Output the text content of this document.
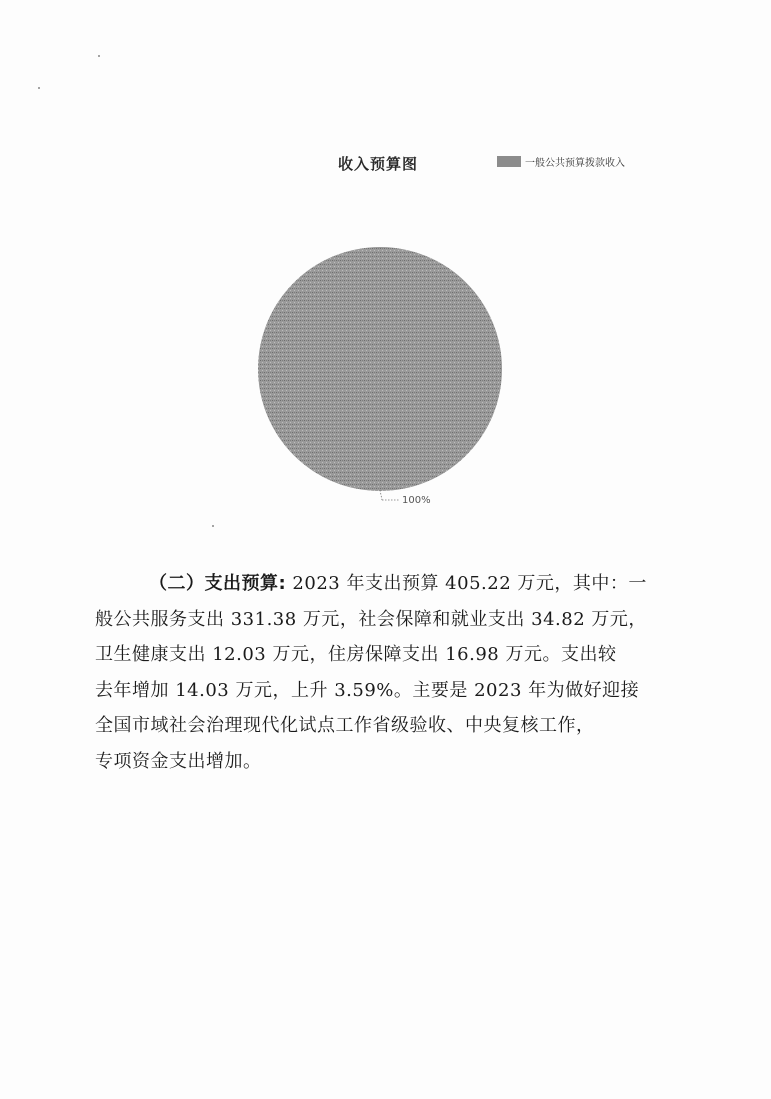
收入预算图	一般公共预算拨款收入
100%
（二）支出预算: 2023 年支出预算 405.22 万元，其中：一
般公共服务支出 331.38 万元，社会保障和就业支出 34.82 万元，
卫生健康支出 12.03 万元，住房保障支出 16.98 万元。支出较
去年增加 14.03 万元，上升 3.59%。主要是 2023 年为做好迎接
全国市域社会治理现代化试点工作省级验收、中央复核工作，
专项资金支出增加。
